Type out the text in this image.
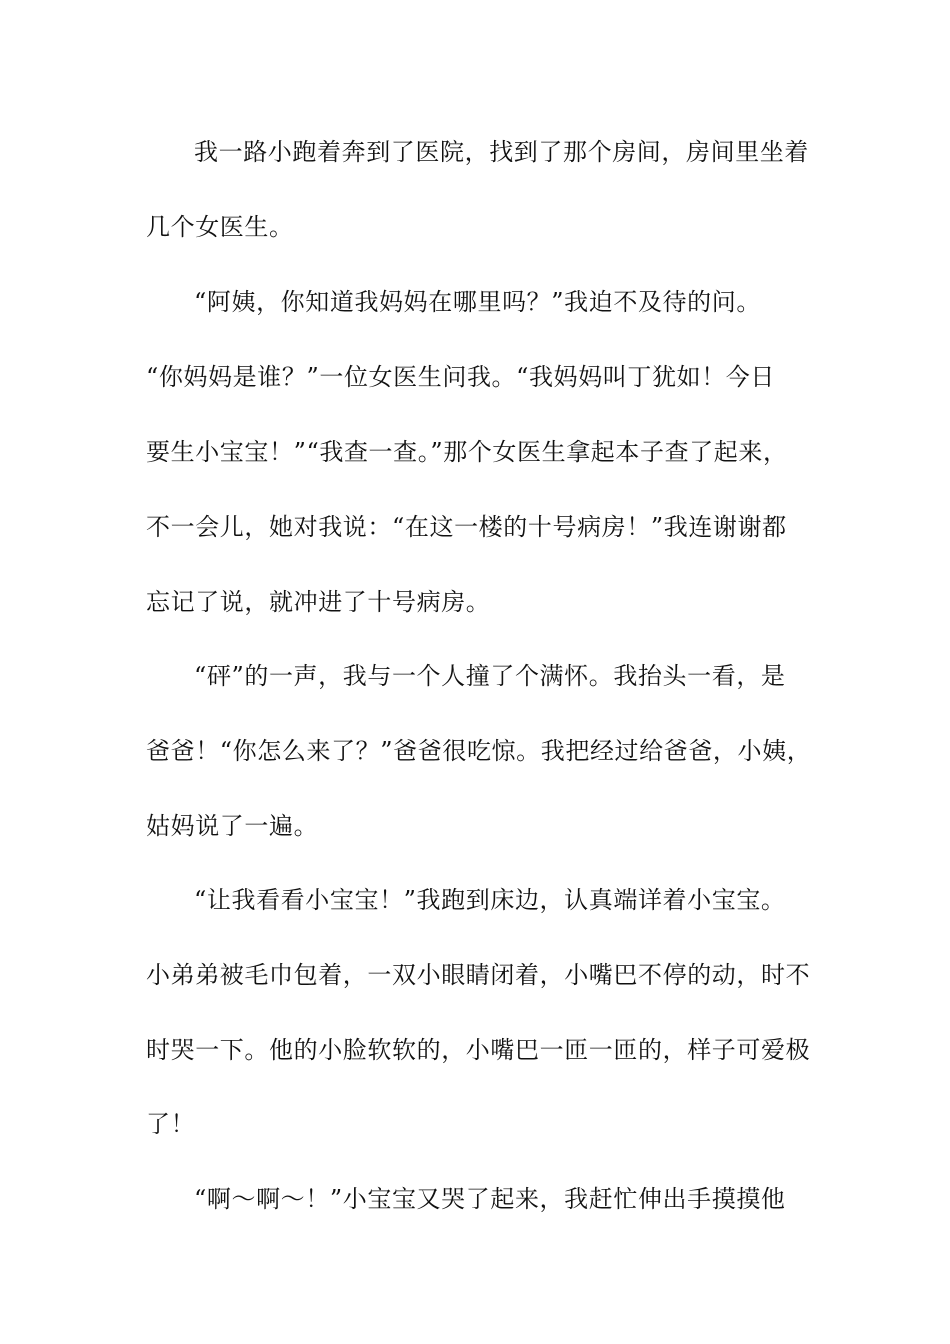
我一路小跑着奔到了医院，找到了那个房间，房间里坐着
几个女医生。
“阿姨，你知道我妈妈在哪里吗？”我迫不及待的问。
“你妈妈是谁？”一位女医生问我。“我妈妈叫丁犹如！今日
要生小宝宝！”“我查一查。”那个女医生拿起本子查了起来，
不一会儿，她对我说：“在这一楼的十号病房！”我连谢谢都
忘记了说，就冲进了十号病房。
“砰”的一声，我与一个人撞了个满怀。我抬头一看，是
爸爸！“你怎么来了？”爸爸很吃惊。我把经过给爸爸，小姨，
姑妈说了一遍。
“让我看看小宝宝！”我跑到床边，认真端详着小宝宝。
小弟弟被毛巾包着，一双小眼睛闭着，小嘴巴不停的动，时不
时哭一下。他的小脸软软的，小嘴巴一匝一匝的，样子可爱极
了！
“啊～啊～！”小宝宝又哭了起来，我赶忙伸出手摸摸他
